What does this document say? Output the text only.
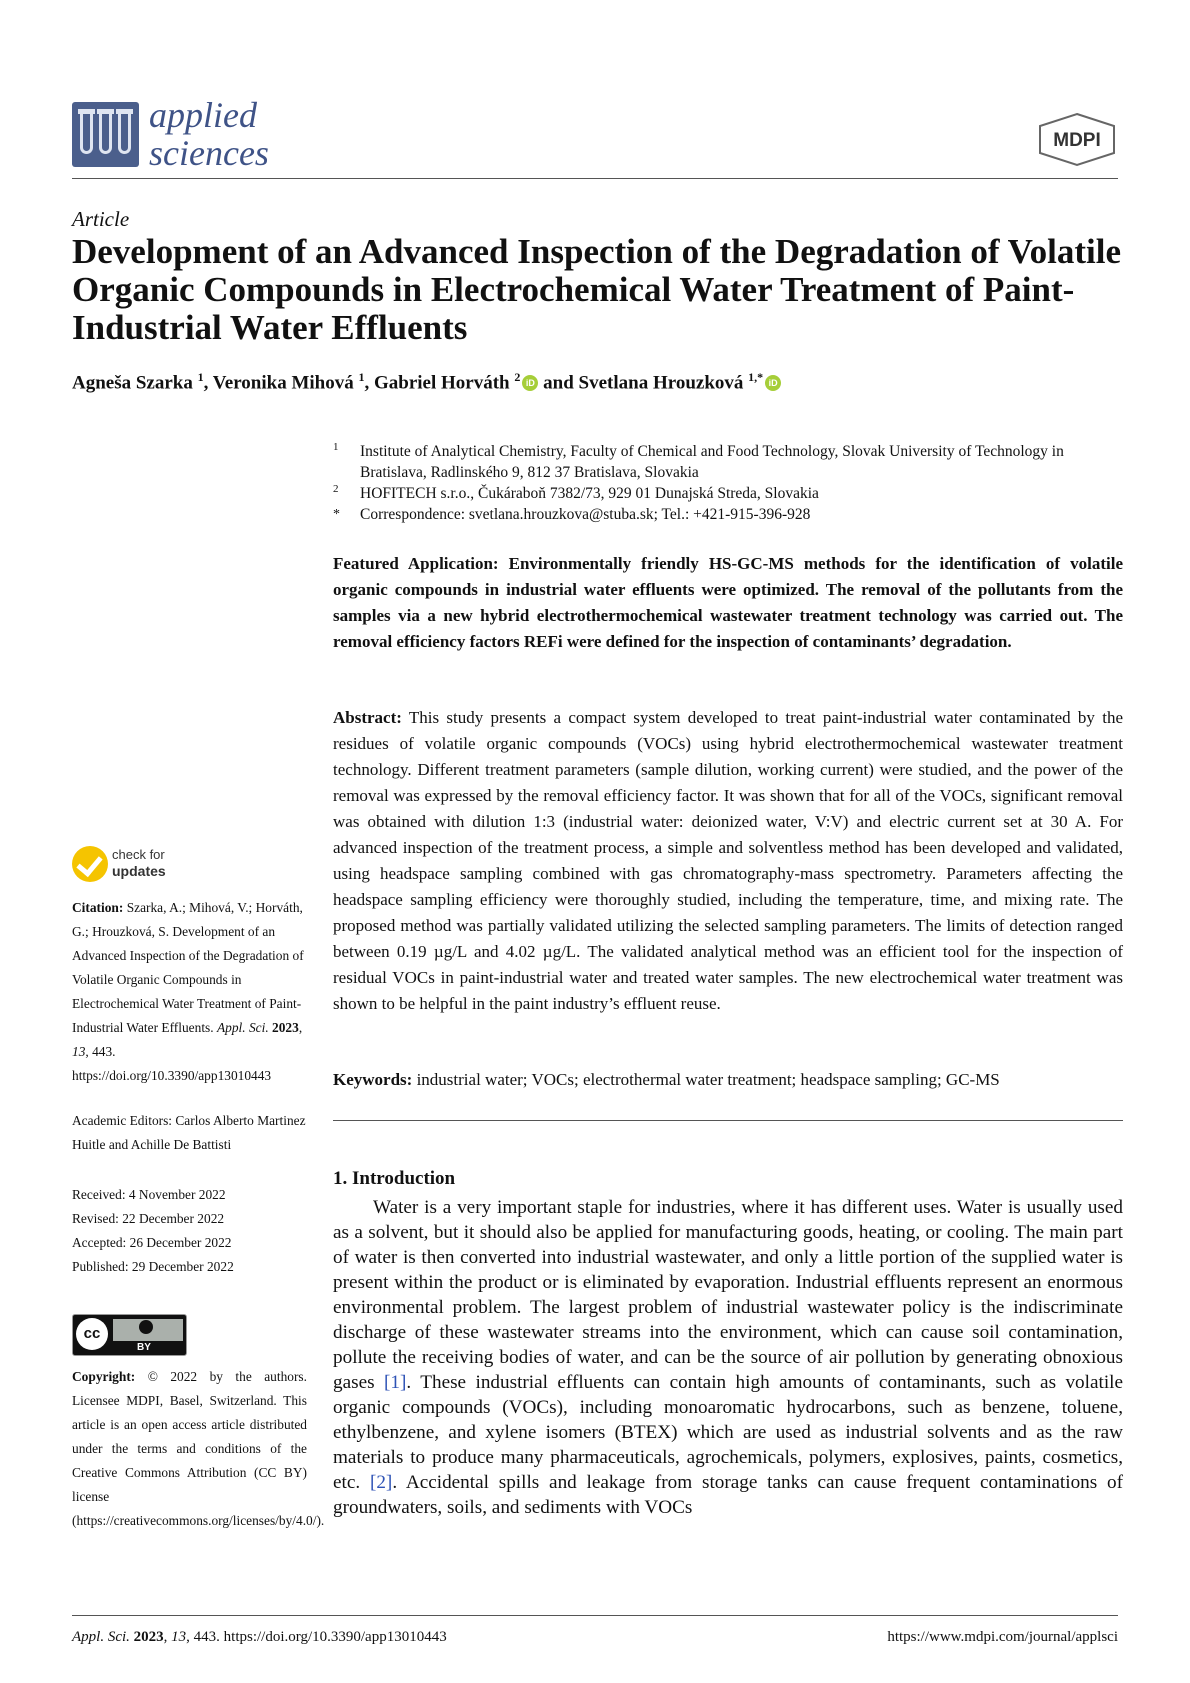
applied
sciences	MDPI
Article
Development of an Advanced Inspection of the Degradation of Volatile Organic Compounds in Electrochemical Water Treatment of Paint-Industrial Water Effluents
Agneša Szarka $^1$, Veronika Mihová $^1$, Gabriel Horváth $^2$ iD and Svetlana Hrouzková $^{1,*}$ iD
1 Institute of Analytical Chemistry, Faculty of Chemical and Food Technology, Slovak University of Technology in Bratislava, Radlinského 9, 812 37 Bratislava, Slovakia
2 HOFITECH s.r.o., Čukáraboň 7382/73, 929 01 Dunajská Streda, Slovakia
* Correspondence: svetlana.hrouzkova@stuba.sk; Tel.: +421-915-396-928
Featured Application: Environmentally friendly HS-GC-MS methods for the identification of volatile organic compounds in industrial water effluents were optimized. The removal of the pollutants from the samples via a new hybrid electrothermochemical wastewater treatment technology was carried out. The removal efficiency factors REFi were defined for the inspection of contaminants’ degradation.
Abstract: This study presents a compact system developed to treat paint-industrial water contaminated by the residues of volatile organic compounds (VOCs) using hybrid electrothermochemical wastewater treatment technology. Different treatment parameters (sample dilution, working current) were studied, and the power of the removal was expressed by the removal efficiency factor. It was shown that for all of the VOCs, significant removal was obtained with dilution 1:3 (industrial water: deionized water, V:V) and electric current set at 30 A. For advanced inspection of the treatment process, a simple and solventless method has been developed and validated, using headspace sampling combined with gas chromatography-mass spectrometry. Parameters affecting the headspace sampling efficiency were thoroughly studied, including the temperature, time, and mixing rate. The proposed method was partially validated utilizing the selected sampling parameters. The limits of detection ranged between 0.19 µg/L and 4.02 µg/L. The validated analytical method was an efficient tool for the inspection of residual VOCs in paint-industrial water and treated water samples. The new electrochemical water treatment was shown to be helpful in the paint industry’s effluent reuse.
Keywords: industrial water; VOCs; electrothermal water treatment; headspace sampling; GC-MS
1. Introduction
Water is a very important staple for industries, where it has different uses. Water is usually used as a solvent, but it should also be applied for manufacturing goods, heating, or cooling. The main part of water is then converted into industrial wastewater, and only a little portion of the supplied water is present within the product or is eliminated by evaporation. Industrial effluents represent an enormous environmental problem. The largest problem of industrial wastewater policy is the indiscriminate discharge of these wastewater streams into the environment, which can cause soil contamination, pollute the receiving bodies of water, and can be the source of air pollution by generating obnoxious gases [1]. These industrial effluents can contain high amounts of contaminants, such as volatile organic compounds (VOCs), including monoaromatic hydrocarbons, such as benzene, toluene, ethylbenzene, and xylene isomers (BTEX) which are used as industrial solvents and as the raw materials to produce many pharmaceuticals, agrochemicals, polymers, explosives, paints, cosmetics, etc. [2]. Accidental spills and leakage from storage tanks can cause frequent contaminations of groundwaters, soils, and sediments with VOCs
check for
updates
Citation: Szarka, A.; Mihová, V.; Horváth, G.; Hrouzková, S. Development of an Advanced Inspection of the Degradation of Volatile Organic Compounds in Electrochemical Water Treatment of Paint-Industrial Water Effluents. Appl. Sci. 2023, 13, 443. https://doi.org/10.3390/app13010443
Academic Editors: Carlos Alberto Martinez Huitle and Achille De Battisti
Received: 4 November 2022
Revised: 22 December 2022
Accepted: 26 December 2022
Published: 29 December 2022
cc
BY
Copyright: © 2022 by the authors. Licensee MDPI, Basel, Switzerland. This article is an open access article distributed under the terms and conditions of the Creative Commons Attribution (CC BY) license (https://creativecommons.org/licenses/by/4.0/).
Appl. Sci. 2023, 13, 443. https://doi.org/10.3390/app13010443	https://www.mdpi.com/journal/applsci
